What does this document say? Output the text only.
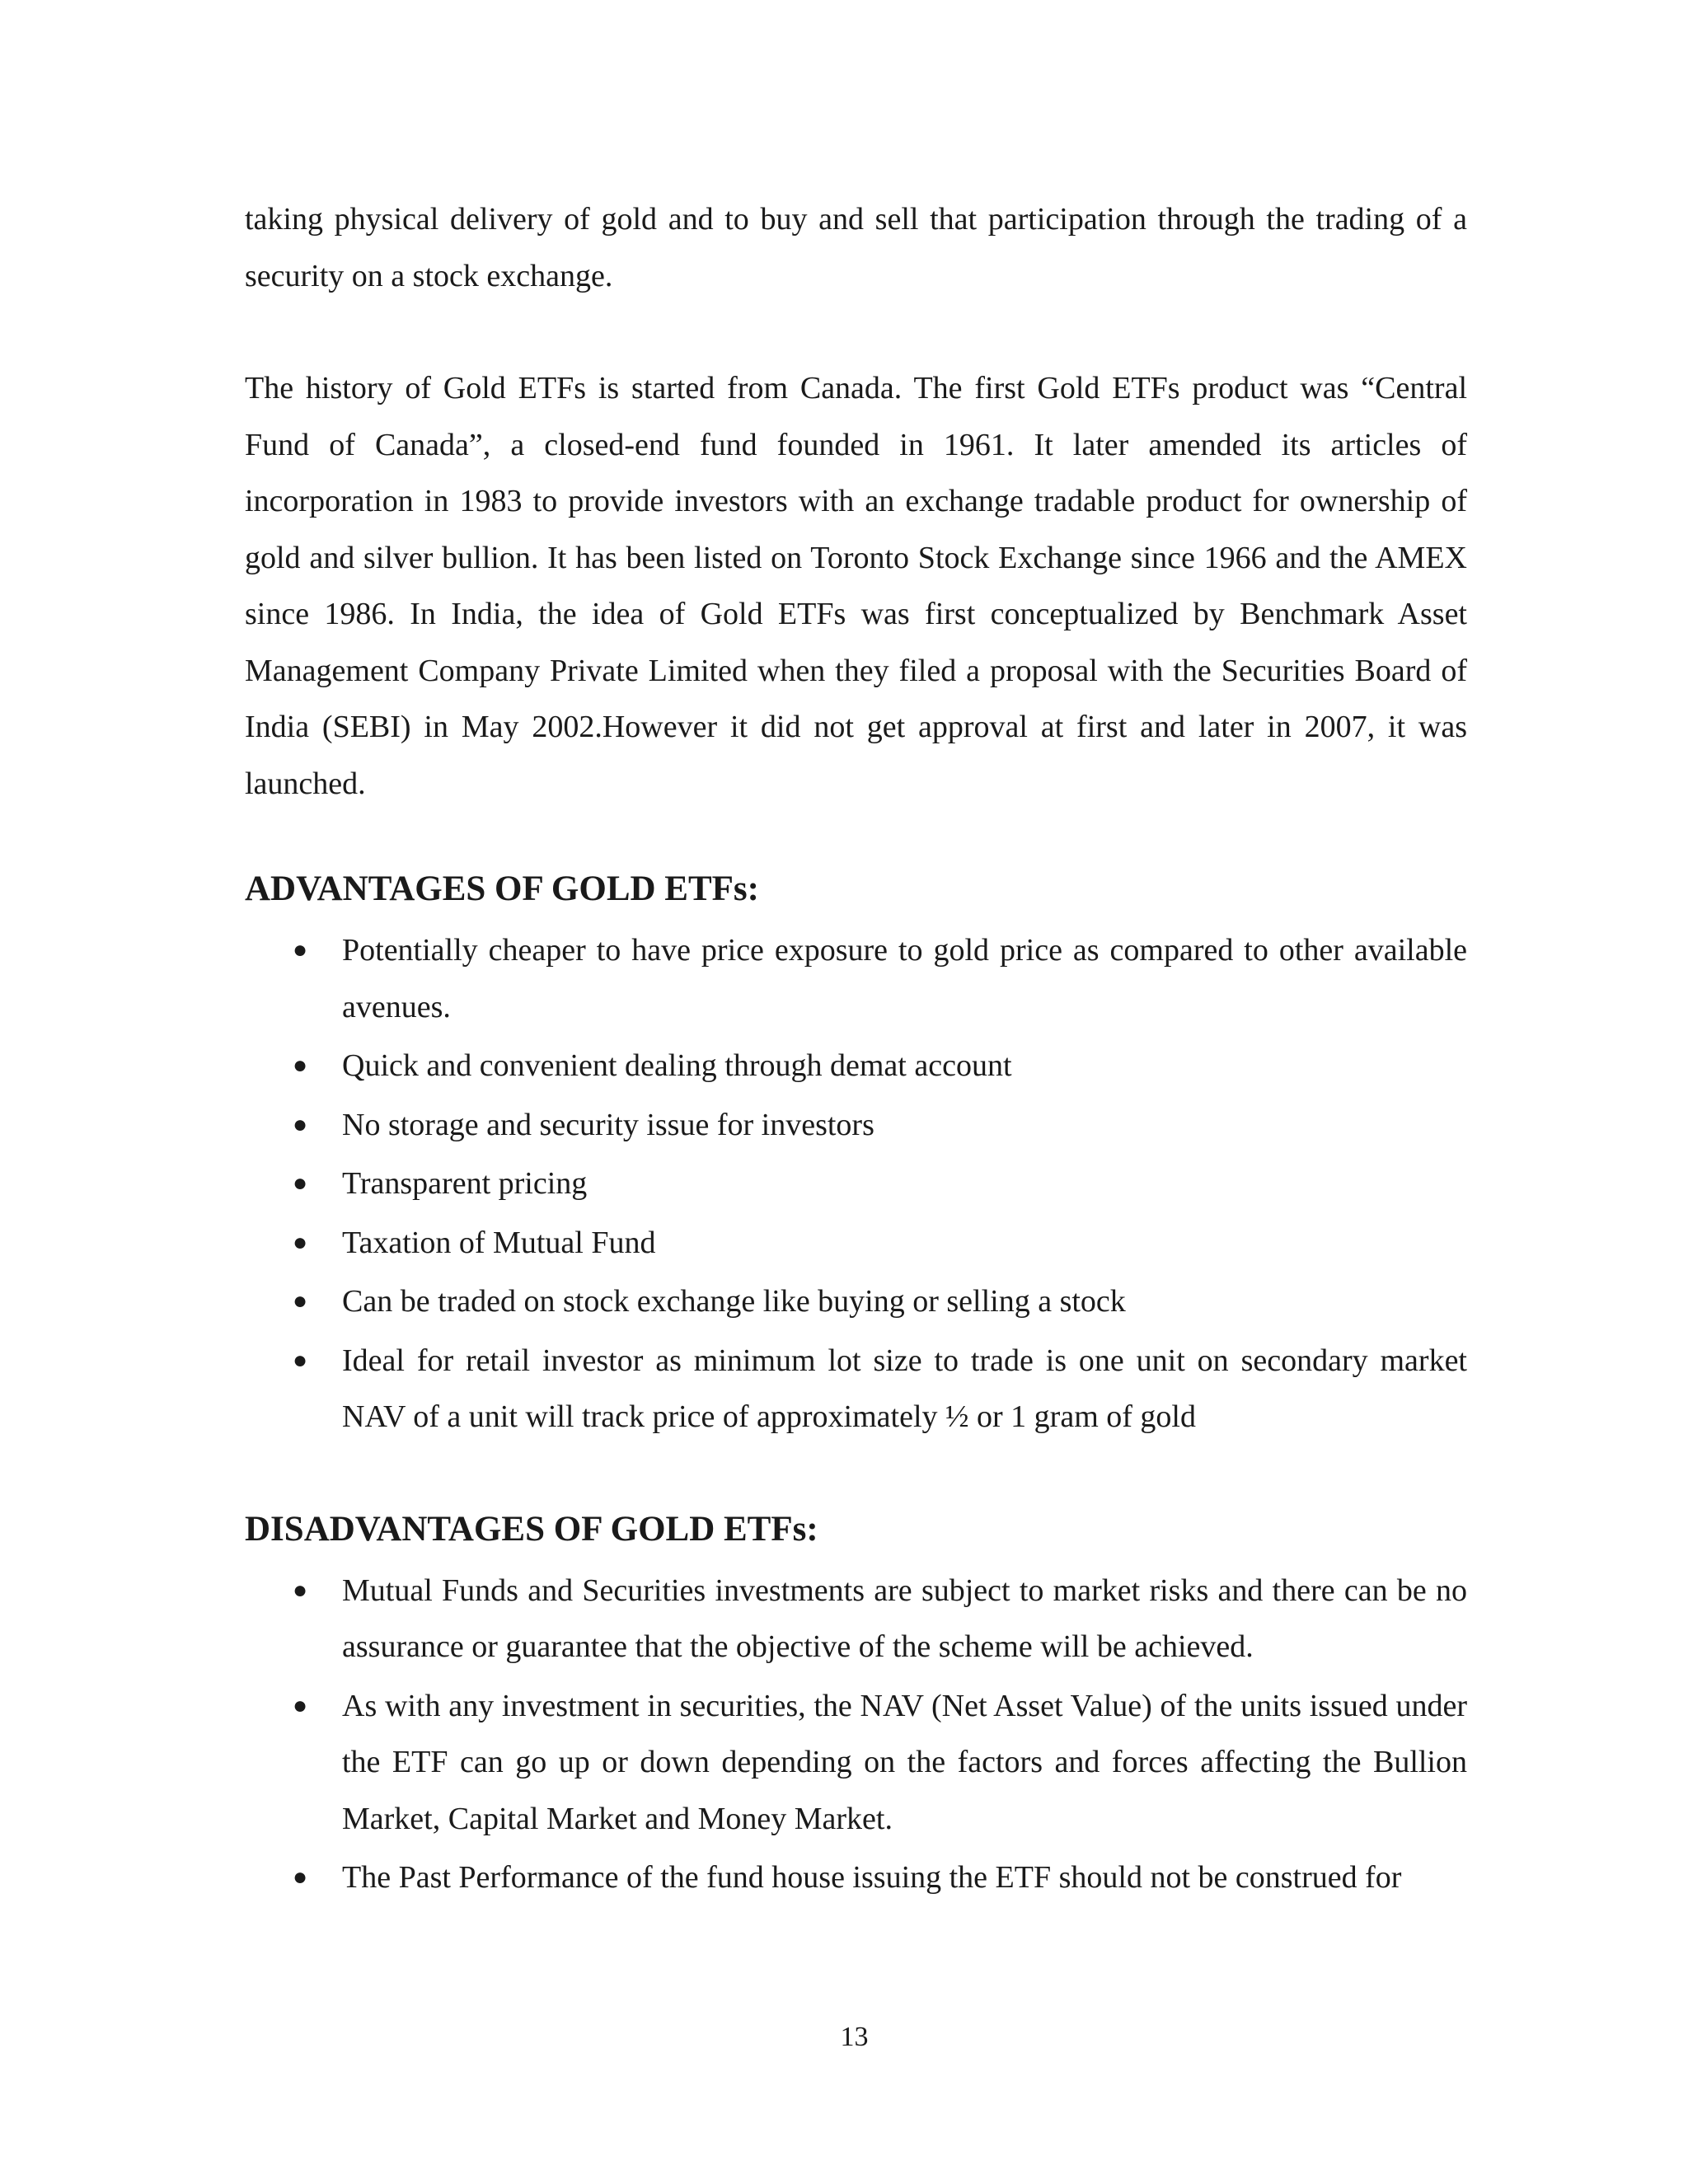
taking physical delivery of gold and to buy and sell that participation through the trading of a security on a stock exchange.

The history of Gold ETFs is started from Canada. The first Gold ETFs product was “Central Fund of Canada”, a closed-end fund founded in 1961. It later amended its articles of incorporation in 1983 to provide investors with an exchange tradable product for ownership of gold and silver bullion. It has been listed on Toronto Stock Exchange since 1966 and the AMEX since 1986. In India, the idea of Gold ETFs was first conceptualized by Benchmark Asset Management Company Private Limited when they filed a proposal with the Securities Board of India (SEBI) in May 2002.However it did not get approval at first and later in 2007, it was launched.

ADVANTAGES OF GOLD ETFs:
● Potentially cheaper to have price exposure to gold price as compared to other available avenues.
● Quick and convenient dealing through demat account
● No storage and security issue for investors
● Transparent pricing
● Taxation of Mutual Fund
● Can be traded on stock exchange like buying or selling a stock
● Ideal for retail investor as minimum lot size to trade is one unit on secondary market NAV of a unit will track price of approximately ½ or 1 gram of gold
DISADVANTAGES OF GOLD ETFs:
● Mutual Funds and Securities investments are subject to market risks and there can be no assurance or guarantee that the objective of the scheme will be achieved.
● As with any investment in securities, the NAV (Net Asset Value) of the units issued under the ETF can go up or down depending on the factors and forces affecting the Bullion Market, Capital Market and Money Market.
● The Past Performance of the fund house issuing the ETF should not be construed for
13
